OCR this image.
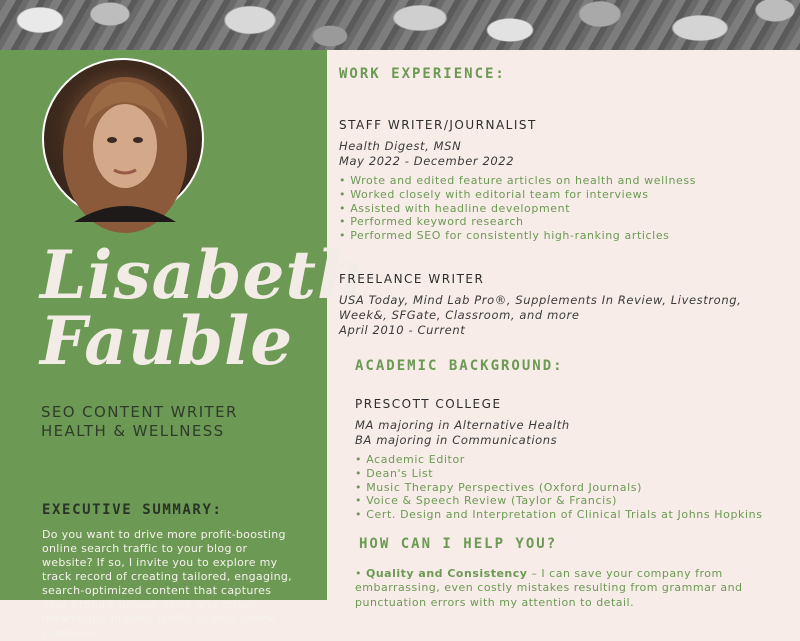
Lisabeth
Fauble
SEO CONTENT WRITER
HEALTH & WELLNESS
EXECUTIVE SUMMARY:

Do you want to drive more profit-boosting online search traffic to your blog or website? If so, I invite you to explore my track record of creating tailored, engaging, search-optimized content that captures your brand's unique voice and drives meaningful organic traffic to your online platforms.

WORK EXPERIENCE:
STAFF WRITER/JOURNALIST
Health Digest, MSN
May 2022 - December 2022
• Wrote and edited feature articles on health and wellness
• Worked closely with editorial team for interviews
• Assisted with headline development
• Performed keyword research
• Performed SEO for consistently high-ranking articles
FREELANCE WRITER
USA Today, Mind Lab Pro®, Supplements In Review, Livestrong,
Week&, SFGate, Classroom, and more
April 2010 - Current
ACADEMIC BACKGROUND:
PRESCOTT COLLEGE
MA majoring in Alternative Health
BA majoring in Communications
• Academic Editor
• Dean's List
• Music Therapy Perspectives (Oxford Journals)
• Voice & Speech Review (Taylor & Francis)
• Cert. Design and Interpretation of Clinical Trials at Johns Hopkins
HOW CAN I HELP YOU?

• Quality and Consistency – I can save your company from embarrassing, even costly mistakes resulting from grammar and punctuation errors with my attention to detail.
